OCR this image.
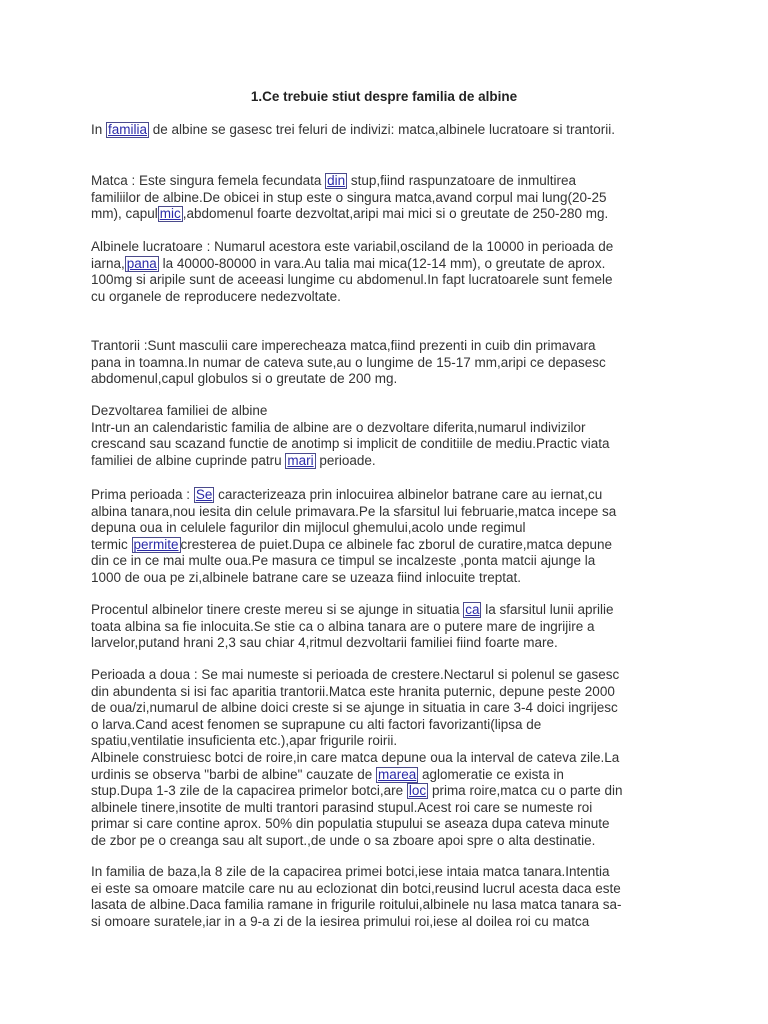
1.Ce trebuie stiut despre familia de albine
In familia de albine se gasesc trei feluri de indivizi: matca,albinele lucratoare si trantorii.
Matca : Este singura femela fecundata din stup,fiind raspunzatoare de inmultirea
familiilor de albine.De obicei in stup este o singura matca,avand corpul mai lung(20-25
mm), capul mic ,abdomenul foarte dezvoltat,aripi mai mici si o greutate de 250-280 mg.
Albinele lucratoare : Numarul acestora este variabil,osciland de la 10000 in perioada de
iarna, pana la 40000-80000 in vara.Au talia mai mica(12-14 mm), o greutate de aprox.
100mg si aripile sunt de aceeasi lungime cu abdomenul.In fapt lucratoarele sunt femele
cu organele de reproducere nedezvoltate.
Trantorii :Sunt masculii care imperecheaza matca,fiind prezenti in cuib din primavara
pana in toamna.In numar de cateva sute,au o lungime de 15-17 mm,aripi ce depasesc
abdomenul,capul globulos si o greutate de 200 mg.
Dezvoltarea familiei de albine
Intr-un an calendaristic familia de albine are o dezvoltare diferita,numarul indivizilor
crescand sau scazand functie de anotimp si implicit de conditiile de mediu.Practic viata
familiei de albine cuprinde patru mari perioade.
Prima perioada : Se caracterizeaza prin inlocuirea albinelor batrane care au iernat,cu
albina tanara,nou iesita din celule primavara.Pe la sfarsitul lui februarie,matca incepe sa
depuna oua in celulele fagurilor din mijlocul ghemului,acolo unde regimul
termic permite cresterea de puiet.Dupa ce albinele fac zborul de curatire,matca depune
din ce in ce mai multe oua.Pe masura ce timpul se incalzeste ,ponta matcii ajunge la
1000 de oua pe zi,albinele batrane care se uzeaza fiind inlocuite treptat.
Procentul albinelor tinere creste mereu si se ajunge in situatia ca la sfarsitul lunii aprilie
toata albina sa fie inlocuita.Se stie ca o albina tanara are o putere mare de ingrijire a
larvelor,putand hrani 2,3 sau chiar 4,ritmul dezvoltarii familiei fiind foarte mare.
Perioada a doua : Se mai numeste si perioada de crestere.Nectarul si polenul se gasesc
din abundenta si isi fac aparitia trantorii.Matca este hranita puternic, depune peste 2000
de oua/zi,numarul de albine doici creste si se ajunge in situatia in care 3-4 doici ingrijesc
o larva.Cand acest fenomen se suprapune cu alti factori favorizanti(lipsa de
spatiu,ventilatie insuficienta etc.),apar frigurile roirii.
Albinele construiesc botci de roire,in care matca depune oua la interval de cateva zile.La
urdinis se observa "barbi de albine" cauzate de marea aglomeratie ce exista in
stup.Dupa 1-3 zile de la capacirea primelor botci,are loc prima roire,matca cu o parte din
albinele tinere,insotite de multi trantori parasind stupul.Acest roi care se numeste roi
primar si care contine aprox. 50% din populatia stupului se aseaza dupa cateva minute
de zbor pe o creanga sau alt suport.,de unde o sa zboare apoi spre o alta destinatie.
In familia de baza,la 8 zile de la capacirea primei botci,iese intaia matca tanara.Intentia
ei este sa omoare matcile care nu au eclozionat din botci,reusind lucrul acesta daca este
lasata de albine.Daca familia ramane in frigurile roitului,albinele nu lasa matca tanara sa-
si omoare suratele,iar in a 9-a zi de la iesirea primului roi,iese al doilea roi cu matca
